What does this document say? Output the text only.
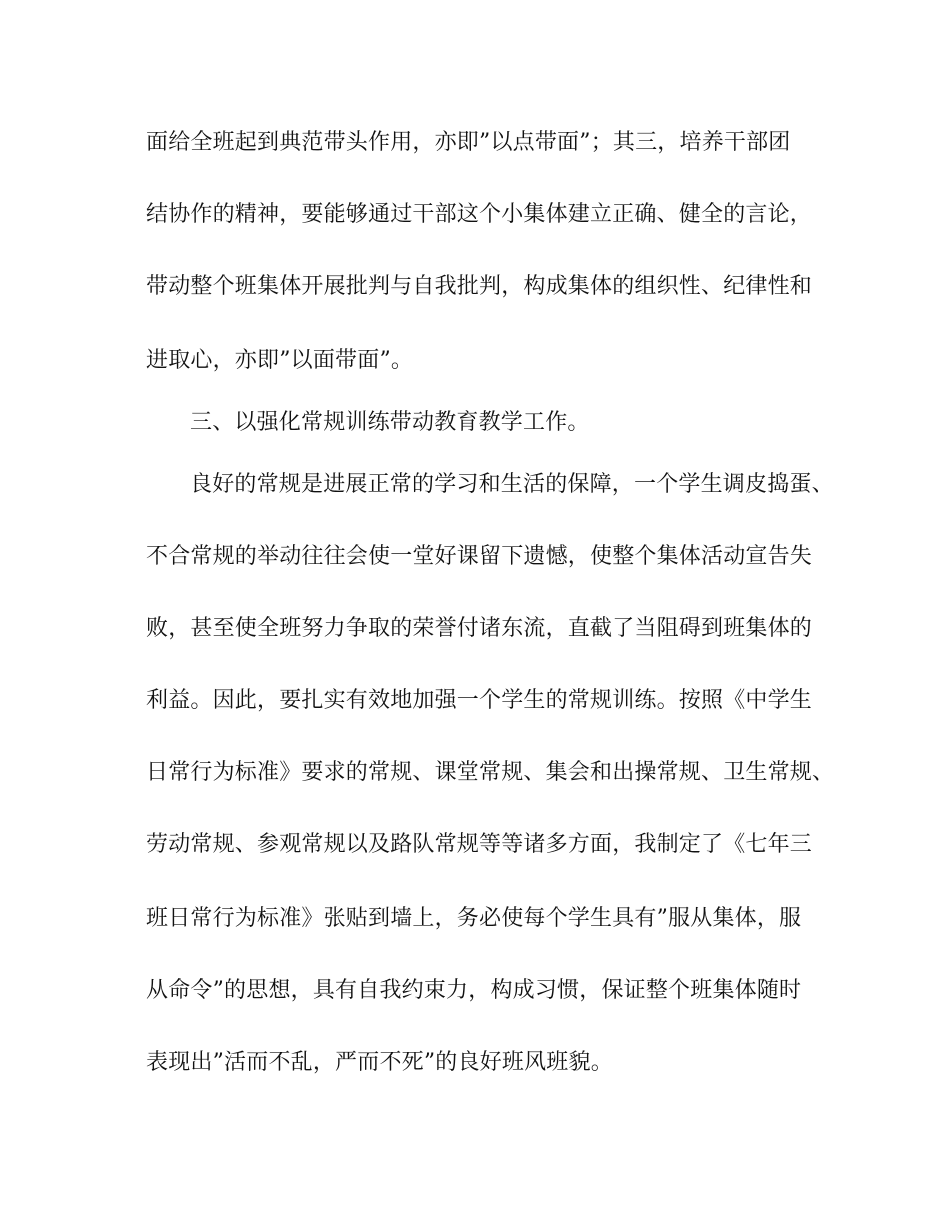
面给全班起到典范带头作用，亦即”以点带面”；其三，培养干部团
结协作的精神，要能够通过干部这个小集体建立正确、健全的言论，
带动整个班集体开展批判与自我批判，构成集体的组织性、纪律性和
进取心，亦即”以面带面”。
三、以强化常规训练带动教育教学工作。
良好的常规是进展正常的学习和生活的保障，一个学生调皮捣蛋、
不合常规的举动往往会使一堂好课留下遗憾，使整个集体活动宣告失
败，甚至使全班努力争取的荣誉付诸东流，直截了当阻碍到班集体的
利益。因此，要扎实有效地加强一个学生的常规训练。按照《中学生
日常行为标准》要求的常规、课堂常规、集会和出操常规、卫生常规、
劳动常规、参观常规以及路队常规等等诸多方面，我制定了《七年三
班日常行为标准》张贴到墙上，务必使每个学生具有”服从集体，服
从命令”的思想，具有自我约束力，构成习惯，保证整个班集体随时
表现出”活而不乱，严而不死”的良好班风班貌。
